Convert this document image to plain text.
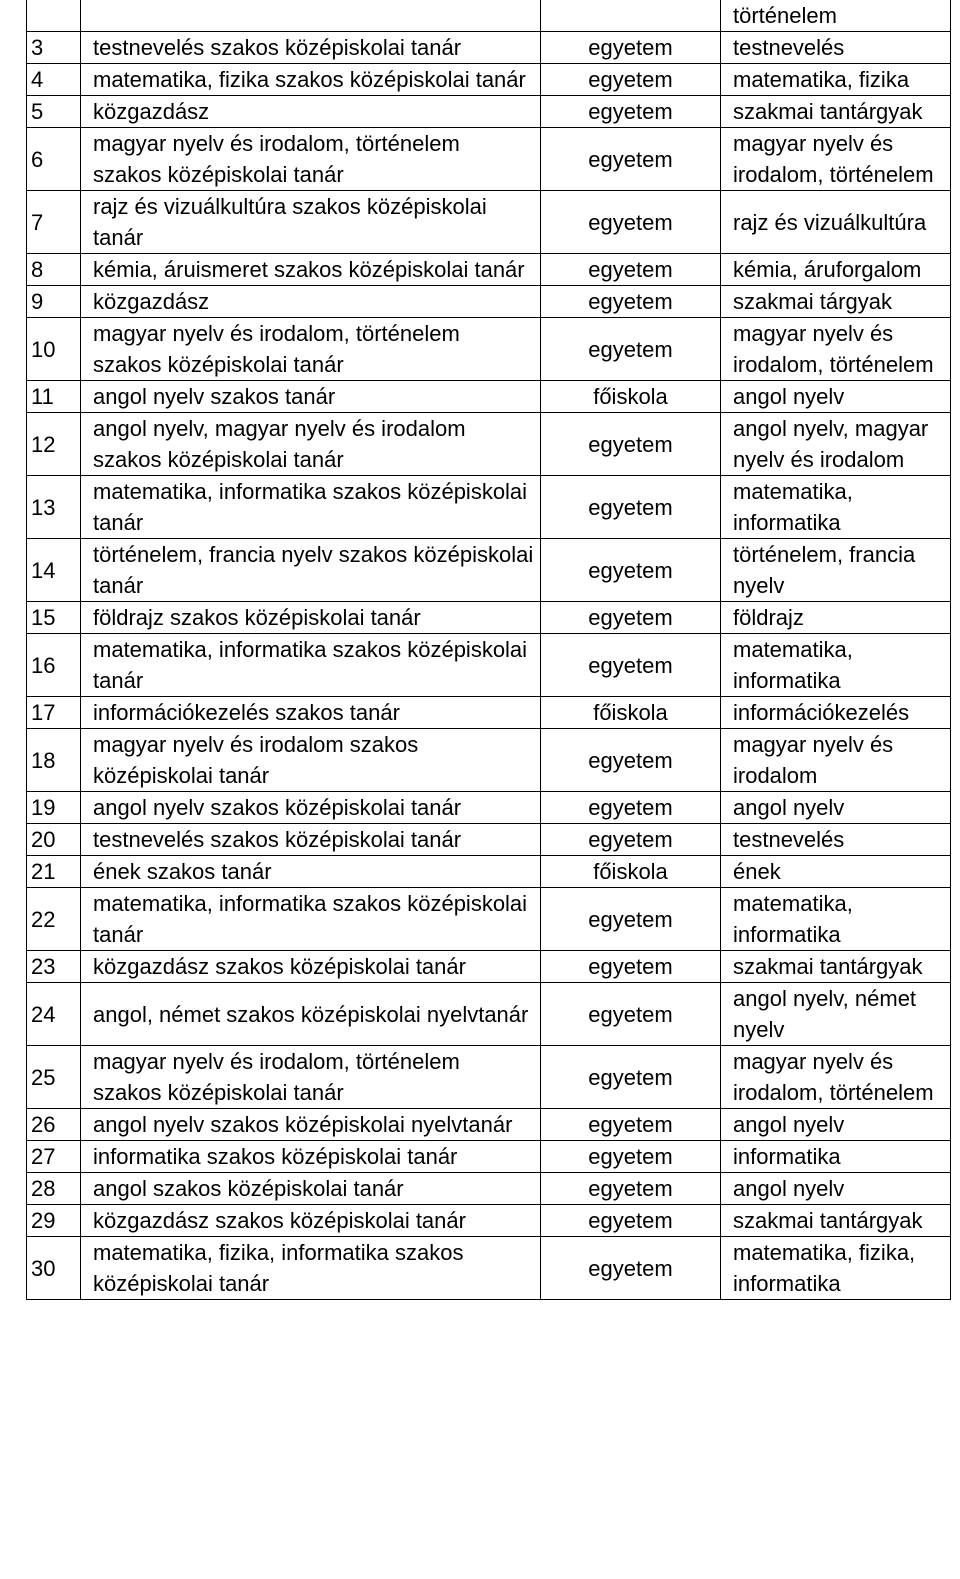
			történelem
3	testnevelés szakos középiskolai tanár	egyetem	testnevelés
4	matematika, fizika szakos középiskolai tanár	egyetem	matematika, fizika
5	közgazdász	egyetem	szakmai tantárgyak
6	magyar nyelv és irodalom, történelem szakos középiskolai tanár	egyetem	magyar nyelv és irodalom, történelem
7	rajz és vizuálkultúra szakos középiskolai tanár	egyetem	rajz és vizuálkultúra
8	kémia, áruismeret szakos középiskolai tanár	egyetem	kémia, áruforgalom
9	közgazdász	egyetem	szakmai tárgyak
10	magyar nyelv és irodalom, történelem szakos középiskolai tanár	egyetem	magyar nyelv és irodalom, történelem
11	angol nyelv szakos tanár	főiskola	angol nyelv
12	angol nyelv, magyar nyelv és irodalom szakos középiskolai tanár	egyetem	angol nyelv, magyar nyelv és irodalom
13	matematika, informatika szakos középiskolai tanár	egyetem	matematika, informatika
14	történelem, francia nyelv szakos középiskolai tanár	egyetem	történelem, francia nyelv
15	földrajz szakos középiskolai tanár	egyetem	földrajz
16	matematika, informatika szakos középiskolai tanár	egyetem	matematika, informatika
17	információkezelés szakos tanár	főiskola	információkezelés
18	magyar nyelv és irodalom szakos középiskolai tanár	egyetem	magyar nyelv és irodalom
19	angol nyelv szakos középiskolai tanár	egyetem	angol nyelv
20	testnevelés szakos középiskolai tanár	egyetem	testnevelés
21	ének szakos tanár	főiskola	ének
22	matematika, informatika szakos középiskolai tanár	egyetem	matematika, informatika
23	közgazdász szakos középiskolai tanár	egyetem	szakmai tantárgyak
24	angol, német szakos középiskolai nyelvtanár	egyetem	angol nyelv, német nyelv
25	magyar nyelv és irodalom, történelem szakos középiskolai tanár	egyetem	magyar nyelv és irodalom, történelem
26	angol nyelv szakos középiskolai nyelvtanár	egyetem	angol nyelv
27	informatika szakos középiskolai tanár	egyetem	informatika
28	angol szakos középiskolai tanár	egyetem	angol nyelv
29	közgazdász szakos középiskolai tanár	egyetem	szakmai tantárgyak
30	matematika, fizika, informatika szakos középiskolai tanár	egyetem	matematika, fizika, informatika
